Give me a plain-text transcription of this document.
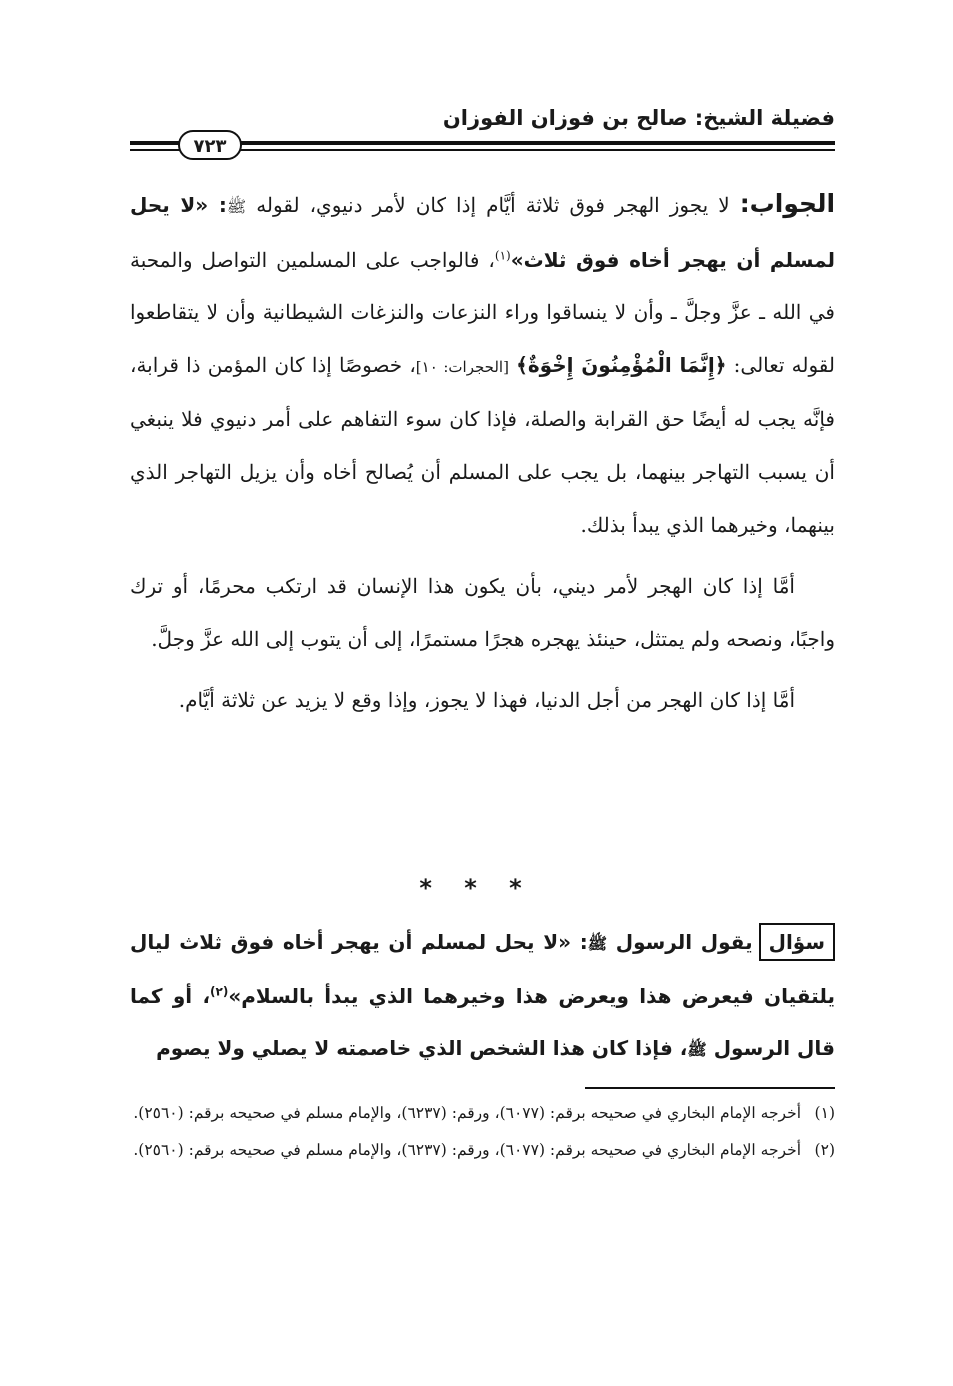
فضيلة الشيخ: صالح بن فوزان الفوزان
٧٢٣

الجواب: لا يجوز الهجر فوق ثلاثة أيَّام إذا كان لأمر دنيوي، لقوله ﷺ: «لا يحل لمسلم أن يهجر أخاه فوق ثلاث»$^{(١)}$، فالواجب على المسلمين التواصل والمحبة في الله ـ عزَّ وجلَّ ـ وأن لا ينساقوا وراء النزعات والنزغات الشيطانية وأن لا يتقاطعوا لقوله تعالى: ﴿إِنَّمَا الْمُؤْمِنُونَ إِخْوَةٌ﴾ [الحجرات: ١٠]، خصوصًا إذا كان المؤمن ذا قرابة، فإنَّه يجب له أيضًا حق القرابة والصلة، فإذا كان سوء التفاهم على أمر دنيوي فلا ينبغي أن يسبب التهاجر بينهما، بل يجب على المسلم أن يُصالح أخاه وأن يزيل التهاجر الذي بينهما، وخيرهما الذي يبدأ بذلك.

أمَّا إذا كان الهجر لأمر ديني، بأن يكون هذا الإنسان قد ارتكب محرمًا، أو ترك واجبًا، ونصحه ولم يمتثل، حينئذ يهجره هجرًا مستمرًا، إلى أن يتوب إلى الله عزَّ وجلَّ.

أمَّا إذا كان الهجر من أجل الدنيا، فهذا لا يجوز، وإذا وقع لا يزيد عن ثلاثة أيَّام.

* * *
سؤاليقول الرسول ﷺ: «لا يحل لمسلم أن يهجر أخاه فوق ثلاث ليال يلتقيان فيعرض هذا ويعرض هذا وخيرهما الذي يبدأ بالسلام»$^{(٢)}$، أو كما قال الرسول ﷺ، فإذا كان هذا الشخص الذي خاصمته لا يصلي ولا يصوم

(١)
أخرجه الإمام البخاري في صحيحه برقم: (٦٠٧٧)، ورقم: (٦٢٣٧)، والإمام مسلم في صحيحه برقم: (٢٥٦٠).

(٢)
أخرجه الإمام البخاري في صحيحه برقم: (٦٠٧٧)، ورقم: (٦٢٣٧)، والإمام مسلم في صحيحه برقم: (٢٥٦٠).
